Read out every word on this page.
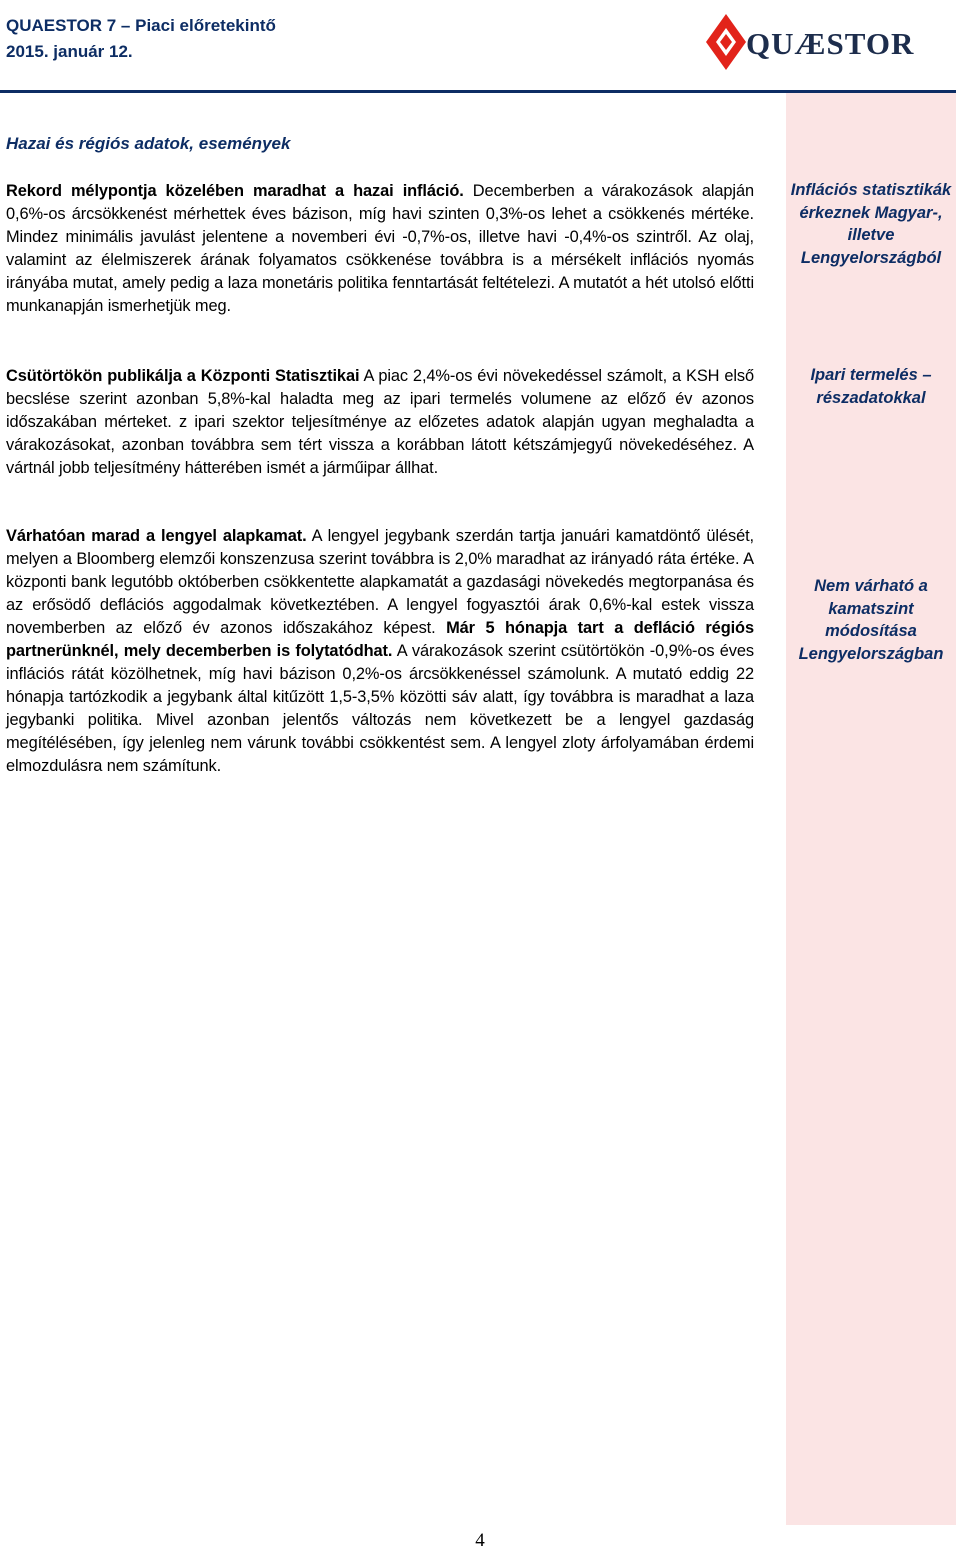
QUAESTOR 7 – Piaci előretekintő

2015. január 12.	QUÆSTOR

Inflációs statisztikák érkeznek Magyar-, illetve Lengyelországból

Ipari termelés – részadatokkal

Nem várható a kamatszint módosítása Lengyelországban

Hazai és régiós adatok, események

Rekord mélypontja közelében maradhat a hazai infláció. Decemberben a várakozások alapján 0,6%-os árcsökkenést mérhettek éves bázison, míg havi szinten 0,3%-os lehet a csökkenés mértéke. Mindez minimális javulást jelentene a novemberi évi -0,7%-os, illetve havi -0,4%-os szintről. Az olaj, valamint az élelmiszerek árának folyamatos csökkenése továbbra is a mérsékelt inflációs nyomás irányába mutat, amely pedig a laza monetáris politika fenntartását feltételezi. A mutatót a hét utolsó előtti munkanapján ismerhetjük meg.

Csütörtökön publikálja a Központi Statisztikai A piac 2,4%-os évi növekedéssel számolt, a KSH első becslése szerint azonban 5,8%-kal haladta meg az ipari termelés volumene az előző év azonos időszakában mérteket. z ipari szektor teljesítménye az előzetes adatok alapján ugyan meghaladta a várakozásokat, azonban továbbra sem tért vissza a korábban látott kétszámjegyű növekedéséhez. A vártnál jobb teljesítmény hátterében ismét a járműipar állhat.

Várhatóan marad a lengyel alapkamat. A lengyel jegybank szerdán tartja januári kamatdöntő ülését, melyen a Bloomberg elemzői konszenzusa szerint továbbra is 2,0% maradhat az irányadó ráta értéke. A központi bank legutóbb októberben csökkentette alapkamatát a gazdasági növekedés megtorpanása és az erősödő deflációs aggodalmak következtében. A lengyel fogyasztói árak 0,6%-kal estek vissza novemberben az előző év azonos időszakához képest. Már 5 hónapja tart a defláció régiós partnerünknél, mely decemberben is folytatódhat. A várakozások szerint csütörtökön -0,9%-os éves inflációs rátát közölhetnek, míg havi bázison 0,2%-os árcsökkenéssel számolunk. A mutató eddig 22 hónapja tartózkodik a jegybank által kitűzött 1,5-3,5% közötti sáv alatt, így továbbra is maradhat a laza jegybanki politika. Mivel azonban jelentős változás nem következett be a lengyel gazdaság megítélésében, így jelenleg nem várunk további csökkentést sem. A lengyel zloty árfolyamában érdemi elmozdulásra nem számítunk.

4
